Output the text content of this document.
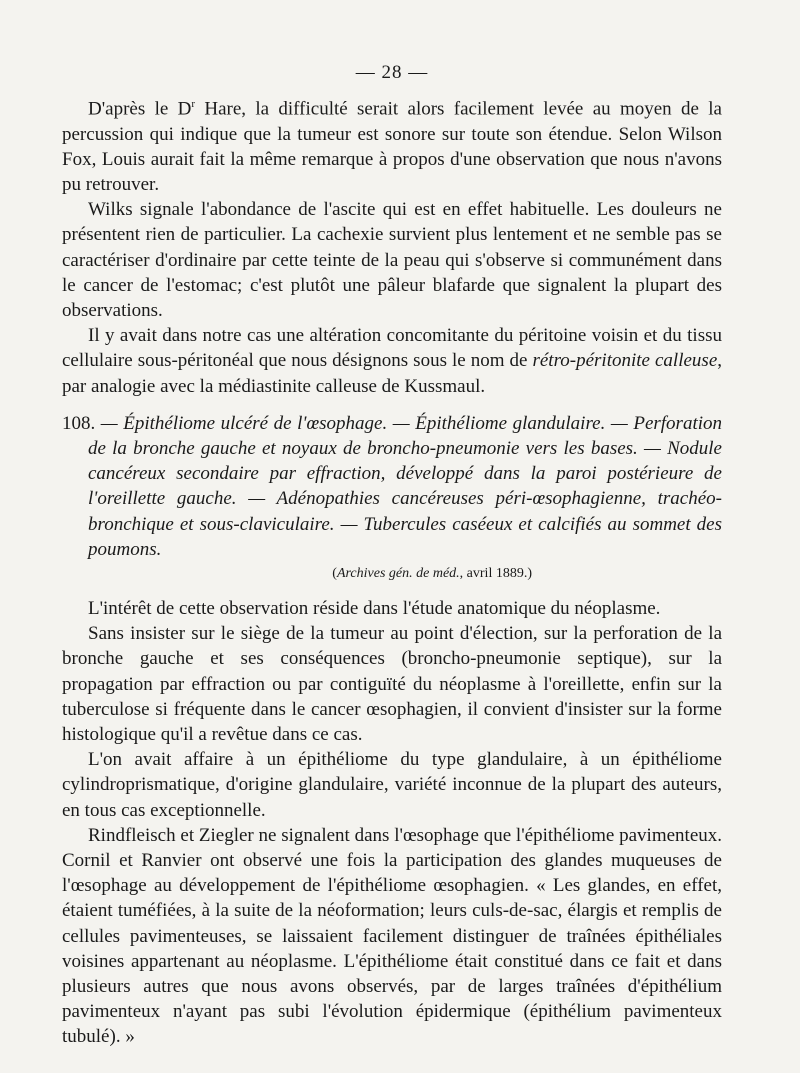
— 28 —

D'après le $D^r$ Hare, la difficulté serait alors facilement levée au moyen de la percussion qui indique que la tumeur est sonore sur toute son étendue. Selon Wilson Fox, Louis aurait fait la même remarque à propos d'une observation que nous n'avons pu retrouver.

Wilks signale l'abondance de l'ascite qui est en effet habituelle. Les douleurs ne présentent rien de particulier. La cachexie survient plus lentement et ne semble pas se caractériser d'ordinaire par cette teinte de la peau qui s'observe si communément dans le cancer de l'estomac; c'est plutôt une pâleur blafarde que signalent la plupart des observations.

Il y avait dans notre cas une altération concomitante du péritoine voisin et du tissu cellulaire sous-péritonéal que nous désignons sous le nom de rétro-péritonite calleuse, par analogie avec la médiastinite calleuse de Kussmaul.

108. — Épithéliome ulcéré de l'œsophage. — Épithéliome glandulaire. — Perforation de la bronche gauche et noyaux de broncho-pneumonie vers les bases. — Nodule cancéreux secondaire par effraction, développé dans la paroi postérieure de l'oreillette gauche. — Adénopathies cancéreuses péri-œsophagienne, trachéo-bronchique et sous-claviculaire. — Tubercules caséeux et calcifiés au sommet des poumons.
(Archives gén. de méd., avril 1889.)

L'intérêt de cette observation réside dans l'étude anatomique du néoplasme.

Sans insister sur le siège de la tumeur au point d'élection, sur la perforation de la bronche gauche et ses conséquences (broncho-pneumonie septique), sur la propagation par effraction ou par contiguïté du néoplasme à l'oreillette, enfin sur la tuberculose si fréquente dans le cancer œsophagien, il convient d'insister sur la forme histologique qu'il a revêtue dans ce cas.

L'on avait affaire à un épithéliome du type glandulaire, à un épithéliome cylindroprismatique, d'origine glandulaire, variété inconnue de la plupart des auteurs, en tous cas exceptionnelle.

Rindfleisch et Ziegler ne signalent dans l'œsophage que l'épithéliome pavimenteux. Cornil et Ranvier ont observé une fois la participation des glandes muqueuses de l'œsophage au développement de l'épithéliome œsophagien. « Les glandes, en effet, étaient tuméfiées, à la suite de la néoformation; leurs culs-de-sac, élargis et remplis de cellules pavimenteuses, se laissaient facilement distinguer de traînées épithéliales voisines appartenant au néoplasme. L'épithéliome était constitué dans ce fait et dans plusieurs autres que nous avons observés, par de larges traînées d'épithélium pavimenteux n'ayant pas subi l'évolution épidermique (épithélium pavimenteux tubulé). »
